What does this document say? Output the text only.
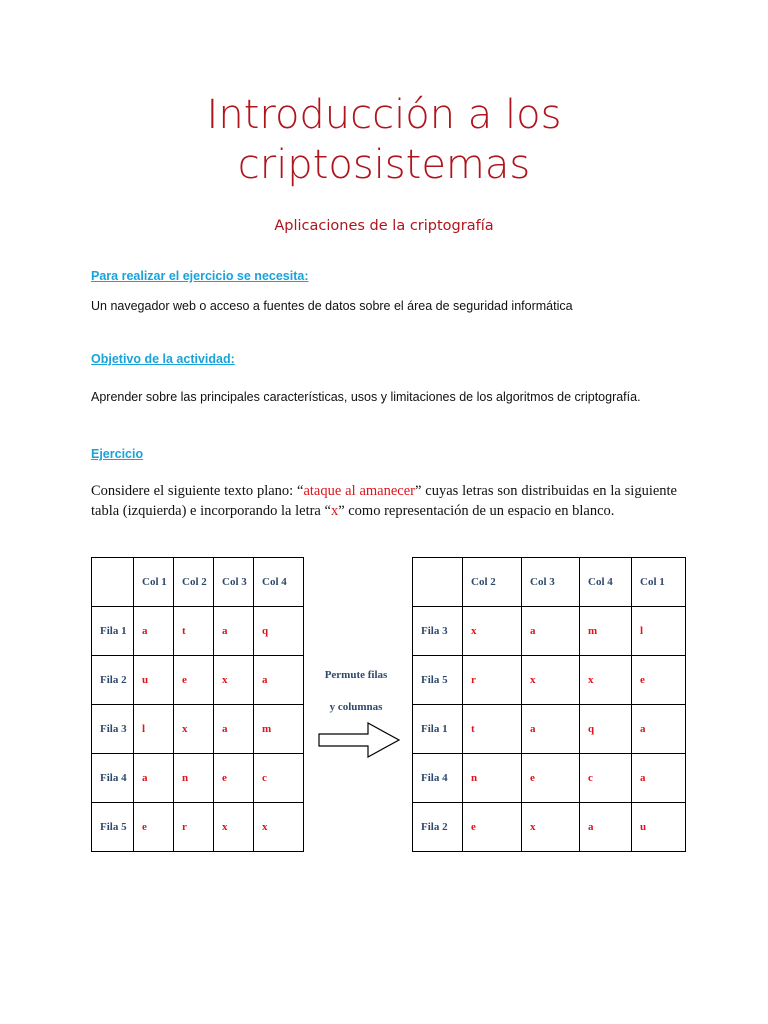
Introducción a los
criptosistemas

Aplicaciones de la criptografía

Para realizar el ejercicio se necesita:

Un navegador web o acceso a fuentes de datos sobre el área de seguridad informática

Objetivo de la actividad:

Aprender sobre las principales características, usos y limitaciones de los algoritmos de criptografía.

Ejercicio

Considere el siguiente texto plano: “ataque al amanecer” cuyas letras son distribuidas en la siguiente tabla (izquierda) e incorporando la letra “x” como representación de un espacio en blanco.

	Col 1	Col 2	Col 3	Col 4
Fila 1	a	t	a	q
Fila 2	u	e	x	a
Fila 3	l	x	a	m
Fila 4	a	n	e	c
Fila 5	e	r	x	x
Permute filas
y columnas
	Col 2	Col 3	Col 4	Col 1
Fila 3	x	a	m	l
Fila 5	r	x	x	e
Fila 1	t	a	q	a
Fila 4	n	e	c	a
Fila 2	e	x	a	u
